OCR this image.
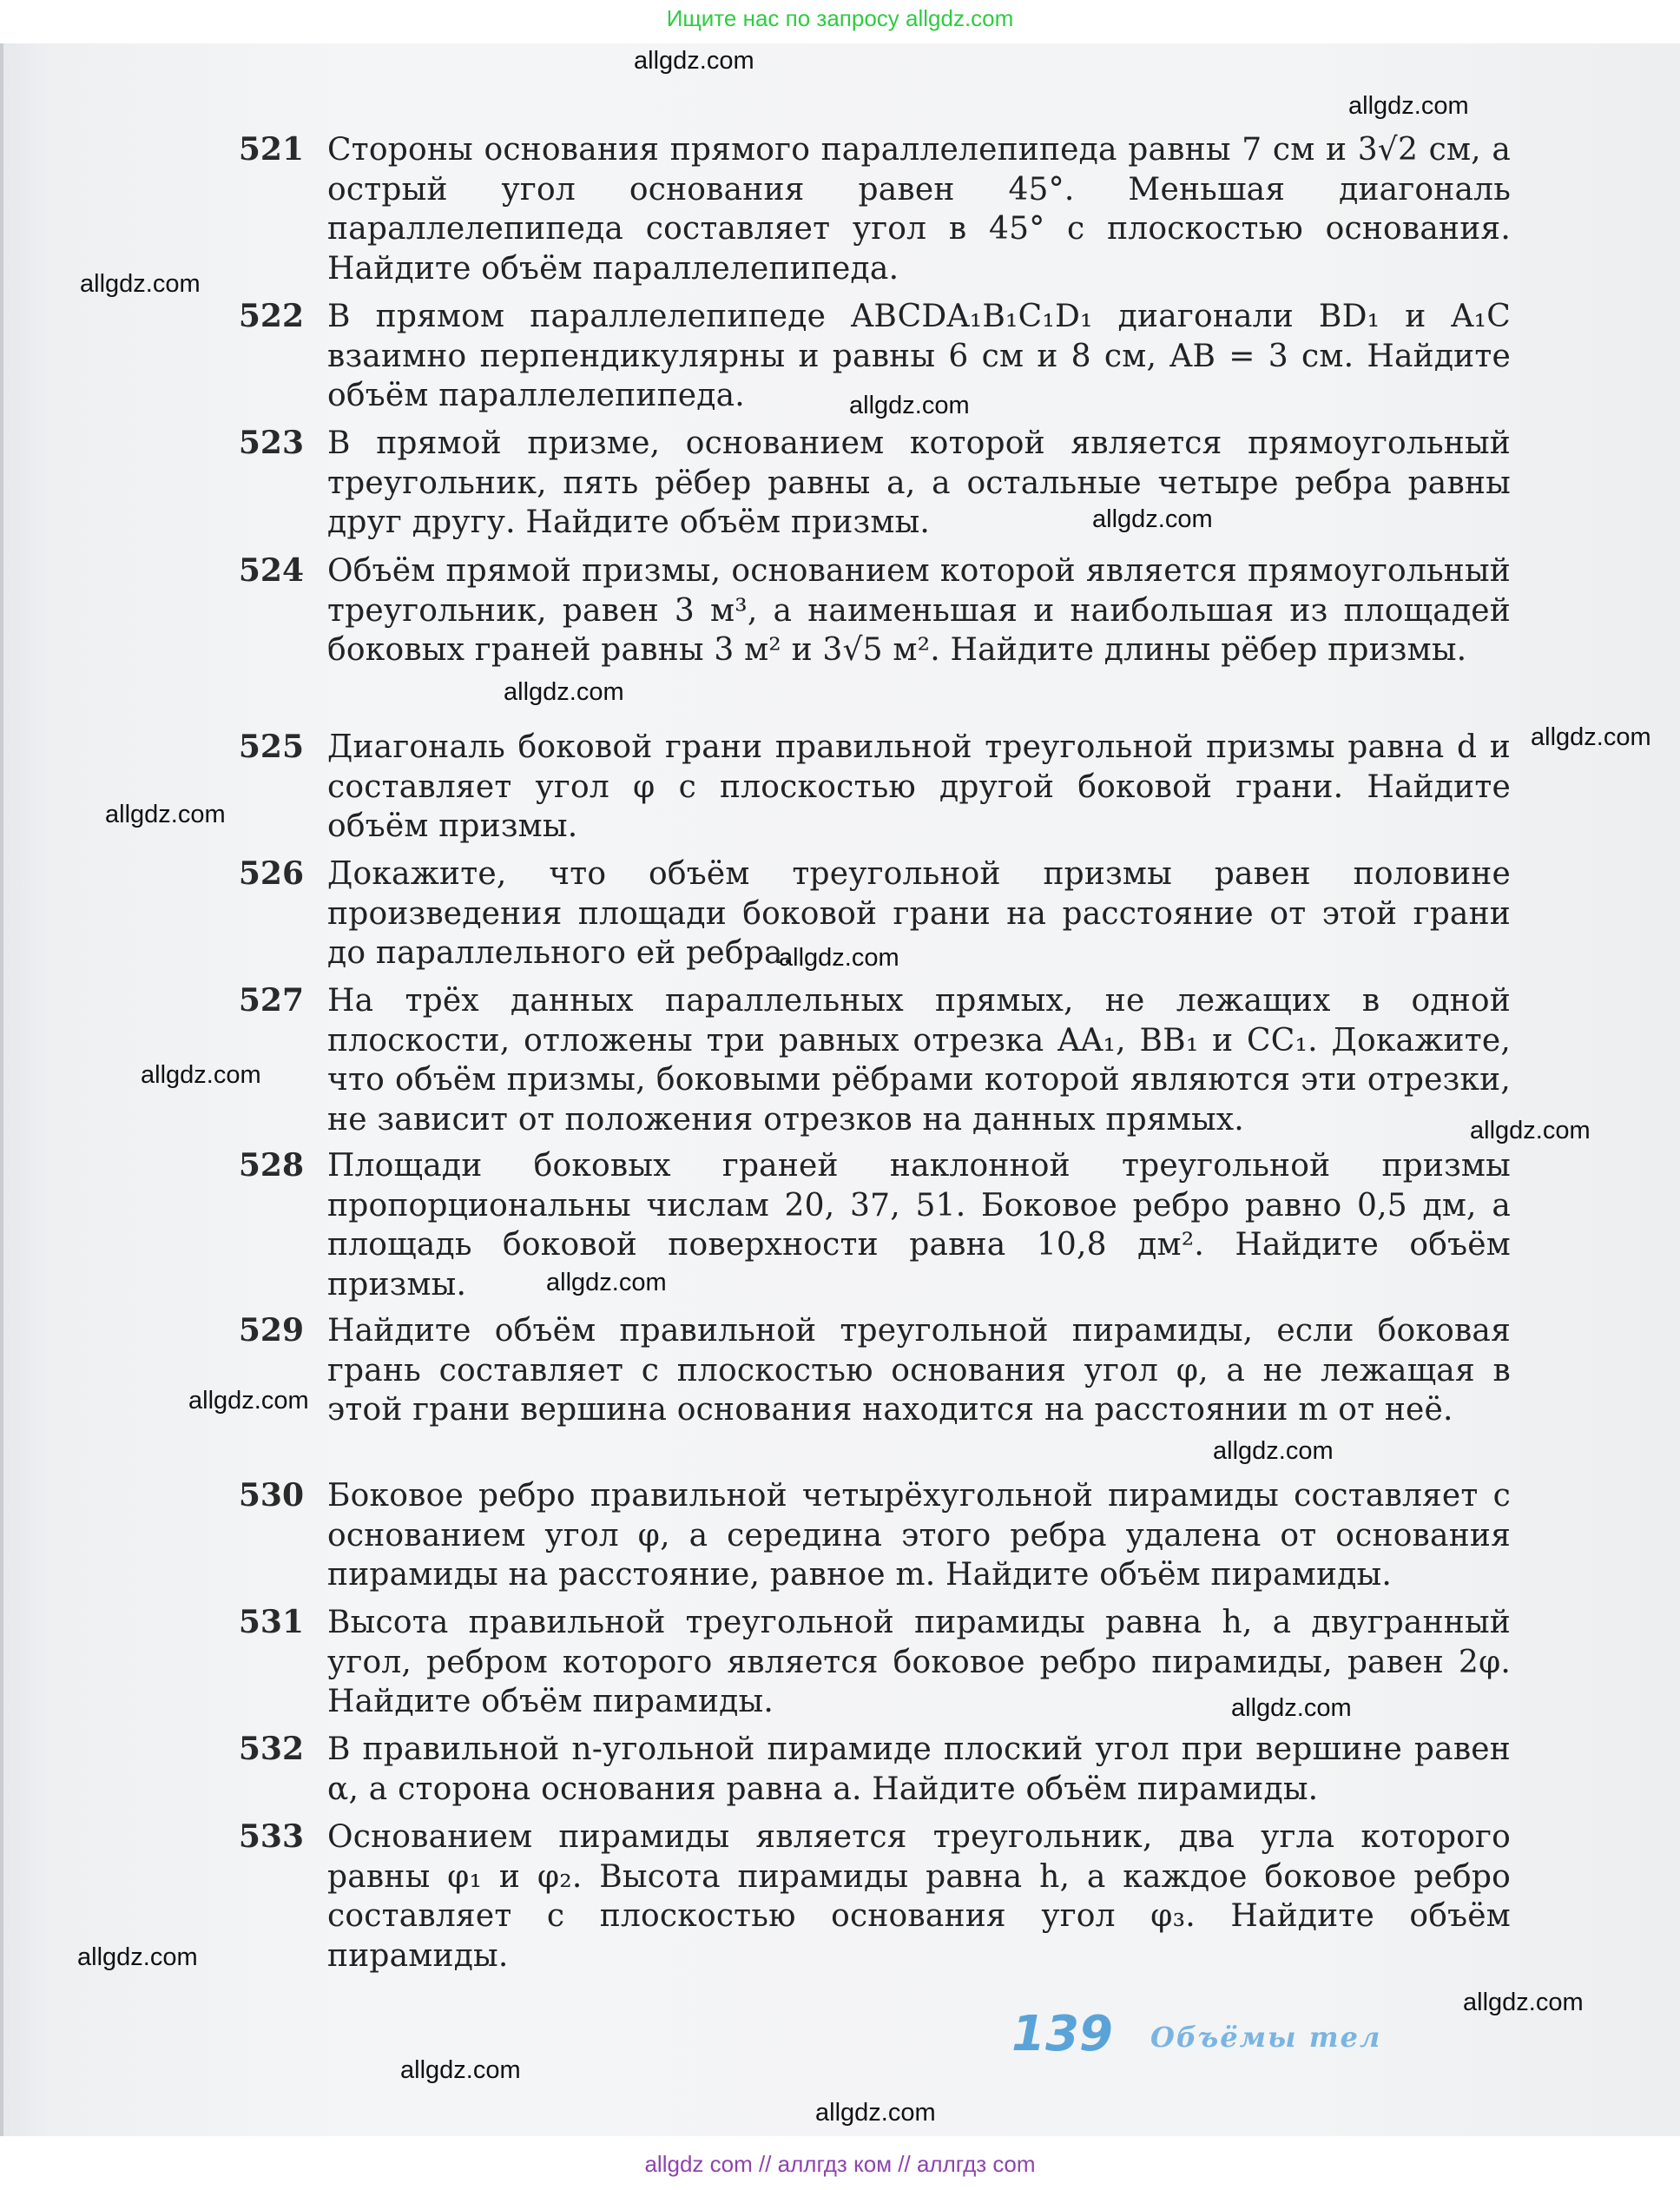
Ищите нас по запросу allgdz.com
521 Стороны основания прямого параллелепипеда равны 7 см и 3√2 см, а острый угол основания равен 45°. Меньшая диагональ параллелепипеда составляет угол в 45° с плоскостью основания. Найдите объём параллелепипеда.
522 В прямом параллелепипеде ABCDA₁B₁C₁D₁ диагонали BD₁ и A₁C взаимно перпендикулярны и равны 6 см и 8 см, AB = 3 см. Найдите объём параллелепипеда.
523 В прямой призме, основанием которой является прямоугольный треугольник, пять рёбер равны a, а остальные четыре ребра равны друг другу. Найдите объём призмы.
524 Объём прямой призмы, основанием которой является прямоугольный треугольник, равен 3 м³, а наименьшая и наибольшая из площадей боковых граней равны 3 м² и 3√5 м². Найдите длины рёбер призмы.
525 Диагональ боковой грани правильной треугольной призмы равна d и составляет угол φ с плоскостью другой боковой грани. Найдите объём призмы.
526 Докажите, что объём треугольной призмы равен половине произведения площади боковой грани на расстояние от этой грани до параллельного ей ребра.
527 На трёх данных параллельных прямых, не лежащих в одной плоскости, отложены три равных отрезка AA₁, BB₁ и CC₁. Докажите, что объём призмы, боковыми рёбрами которой являются эти отрезки, не зависит от положения отрезков на данных прямых.
528 Площади боковых граней наклонной треугольной призмы пропорциональны числам 20, 37, 51. Боковое ребро равно 0,5 дм, а площадь боковой поверхности равна 10,8 дм². Найдите объём призмы.
529 Найдите объём правильной треугольной пирамиды, если боковая грань составляет с плоскостью основания угол φ, а не лежащая в этой грани вершина основания находится на расстоянии m от неё.
530 Боковое ребро правильной четырёхугольной пирамиды составляет с основанием угол φ, а середина этого ребра удалена от основания пирамиды на расстояние, равное m. Найдите объём пирамиды.
531 Высота правильной треугольной пирамиды равна h, а двугранный угол, ребром которого является боковое ребро пирамиды, равен 2φ. Найдите объём пирамиды.
532 В правильной n-угольной пирамиде плоский угол при вершине равен α, а сторона основания равна a. Найдите объём пирамиды.
533 Основанием пирамиды является треугольник, два угла которого равны φ₁ и φ₂. Высота пирамиды равна h, а каждое боковое ребро составляет с плоскостью основания угол φ₃. Найдите объём пирамиды.
139 Объёмы тел
allgdz.com
allgdz.com
allgdz.com
allgdz.com
allgdz.com
allgdz.com
allgdz.com
allgdz.com
allgdz.com
allgdz.com
allgdz.com
allgdz.com
allgdz.com
allgdz.com
allgdz.com
allgdz.com
allgdz.com
allgdz.com
allgdz.com
allgdz com // аллгдз ком // аллгдз com
